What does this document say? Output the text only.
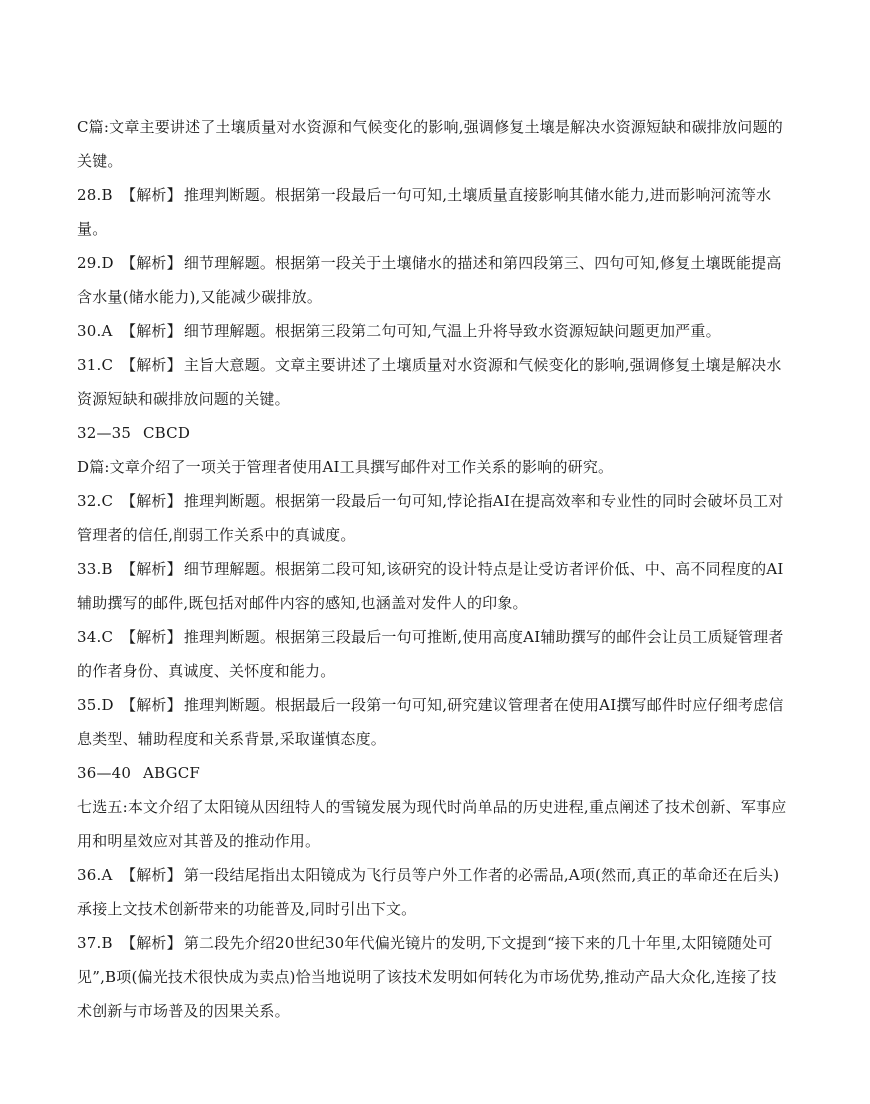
C篇:文章主要讲述了土壤质量对水资源和气候变化的影响,强调修复土壤是解决水资源短缺和碳排放问题的关键。

28.B 【解析】 推理判断题。根据第一段最后一句可知,土壤质量直接影响其储水能力,进而影响河流等水量。

29.D 【解析】 细节理解题。根据第一段关于土壤储水的描述和第四段第三、四句可知,修复土壤既能提高含水量(储水能力),又能减少碳排放。

30.A 【解析】 细节理解题。根据第三段第二句可知,气温上升将导致水资源短缺问题更加严重。

31.C 【解析】 主旨大意题。文章主要讲述了土壤质量对水资源和气候变化的影响,强调修复土壤是解决水资源短缺和碳排放问题的关键。

32—35 CBCD

D篇:文章介绍了一项关于管理者使用AI工具撰写邮件对工作关系的影响的研究。

32.C 【解析】 推理判断题。根据第一段最后一句可知,悖论指AI在提高效率和专业性的同时会破坏员工对管理者的信任,削弱工作关系中的真诚度。

33.B 【解析】 细节理解题。根据第二段可知,该研究的设计特点是让受访者评价低、中、高不同程度的AI辅助撰写的邮件,既包括对邮件内容的感知,也涵盖对发件人的印象。

34.C 【解析】 推理判断题。根据第三段最后一句可推断,使用高度AI辅助撰写的邮件会让员工质疑管理者的作者身份、真诚度、关怀度和能力。

35.D 【解析】 推理判断题。根据最后一段第一句可知,研究建议管理者在使用AI撰写邮件时应仔细考虑信息类型、辅助程度和关系背景,采取谨慎态度。

36—40 ABGCF

七选五:本文介绍了太阳镜从因纽特人的雪镜发展为现代时尚单品的历史进程,重点阐述了技术创新、军事应用和明星效应对其普及的推动作用。

36.A 【解析】 第一段结尾指出太阳镜成为飞行员等户外工作者的必需品,A项(然而,真正的革命还在后头)承接上文技术创新带来的功能普及,同时引出下文。

37.B 【解析】 第二段先介绍20世纪30年代偏光镜片的发明,下文提到“接下来的几十年里,太阳镜随处可见”,B项(偏光技术很快成为卖点)恰当地说明了该技术发明如何转化为市场优势,推动产品大众化,连接了技术创新与市场普及的因果关系。
